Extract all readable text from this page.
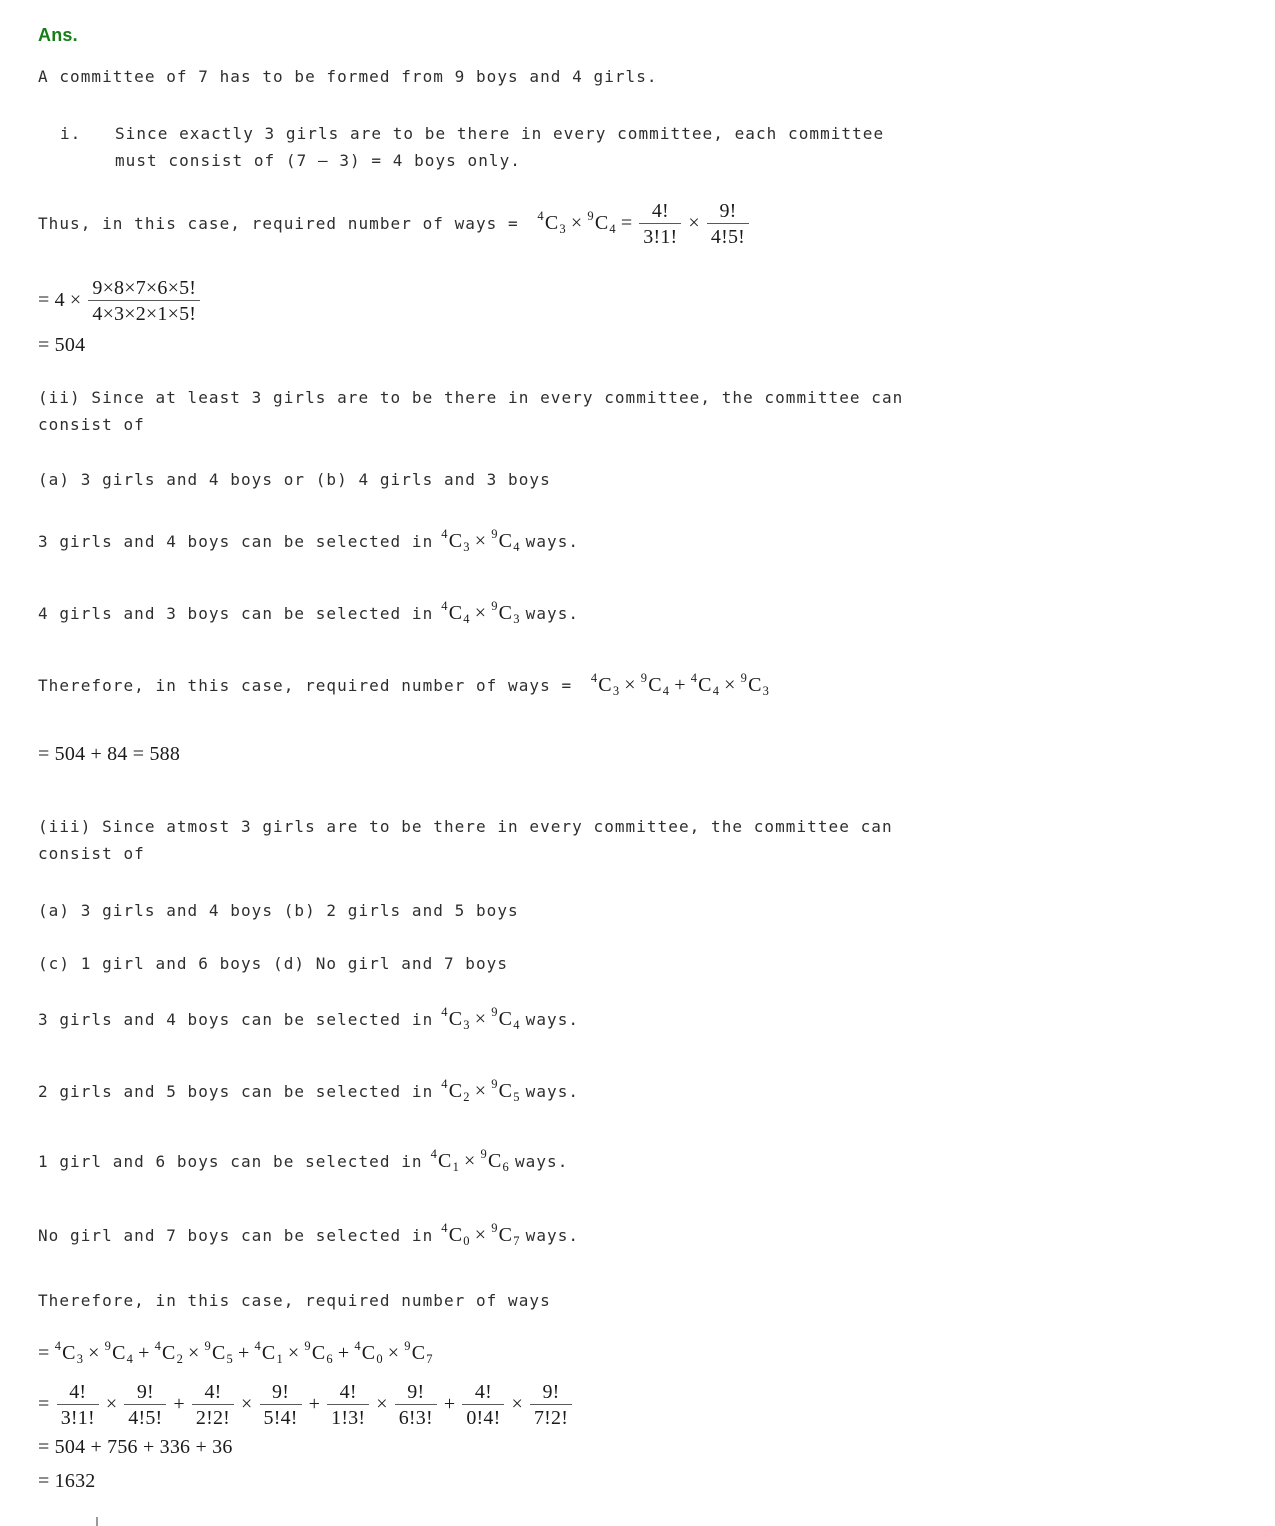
Ans.

A committee of 7 has to be formed from 9 boys and 4 girls.

i.	Since exactly 3 girls are to be there in every committee, each committee
must consist of (7 – 3) = 4 boys only.

Thus, in this case, required number of ways = $^4C_3 \times ^9C_4 = \frac{4!}{3!1!} \times \frac{9!}{4!5!}$

= $4 \times \frac{9\times 8\times 7\times 6\times 5!}{4\times 3\times 2\times 1\times 5!}$
= 504

(ii) Since at least 3 girls are to be there in every committee, the committee can
consist of

(a) 3 girls and 4 boys or (b) 4 girls and 3 boys

3 girls and 4 boys can be selected in $^4C_3 \times ^9C_4$ ways.

4 girls and 3 boys can be selected in $^4C_4 \times ^9C_3$ ways.

Therefore, in this case, required number of ways = $^4C_3 \times ^9C_4 + ^4C_4 \times ^9C_3$

= 504 + 84 = 588

(iii) Since atmost 3 girls are to be there in every committee, the committee can
consist of

(a) 3 girls and 4 boys (b) 2 girls and 5 boys

(c) 1 girl and 6 boys (d) No girl and 7 boys

3 girls and 4 boys can be selected in $^4C_3 \times ^9C_4$ ways.

2 girls and 5 boys can be selected in $^4C_2 \times ^9C_5$ ways.

1 girl and 6 boys can be selected in $^4C_1 \times ^9C_6$ ways.

No girl and 7 boys can be selected in $^4C_0 \times ^9C_7$ ways.

Therefore, in this case, required number of ways

= $^4C_3 \times ^9C_4 + ^4C_2 \times ^9C_5 + ^4C_1 \times ^9C_6 + ^4C_0 \times ^9C_7$
= $\frac{4!}{3!1!} \times \frac{9!}{4!5!} + \frac{4!}{2!2!} \times \frac{9!}{5!4!} + \frac{4!}{1!3!} \times \frac{9!}{6!3!} + \frac{4!}{0!4!} \times \frac{9!}{7!2!}$
= 504 + 756 + 336 + 36
= 1632
